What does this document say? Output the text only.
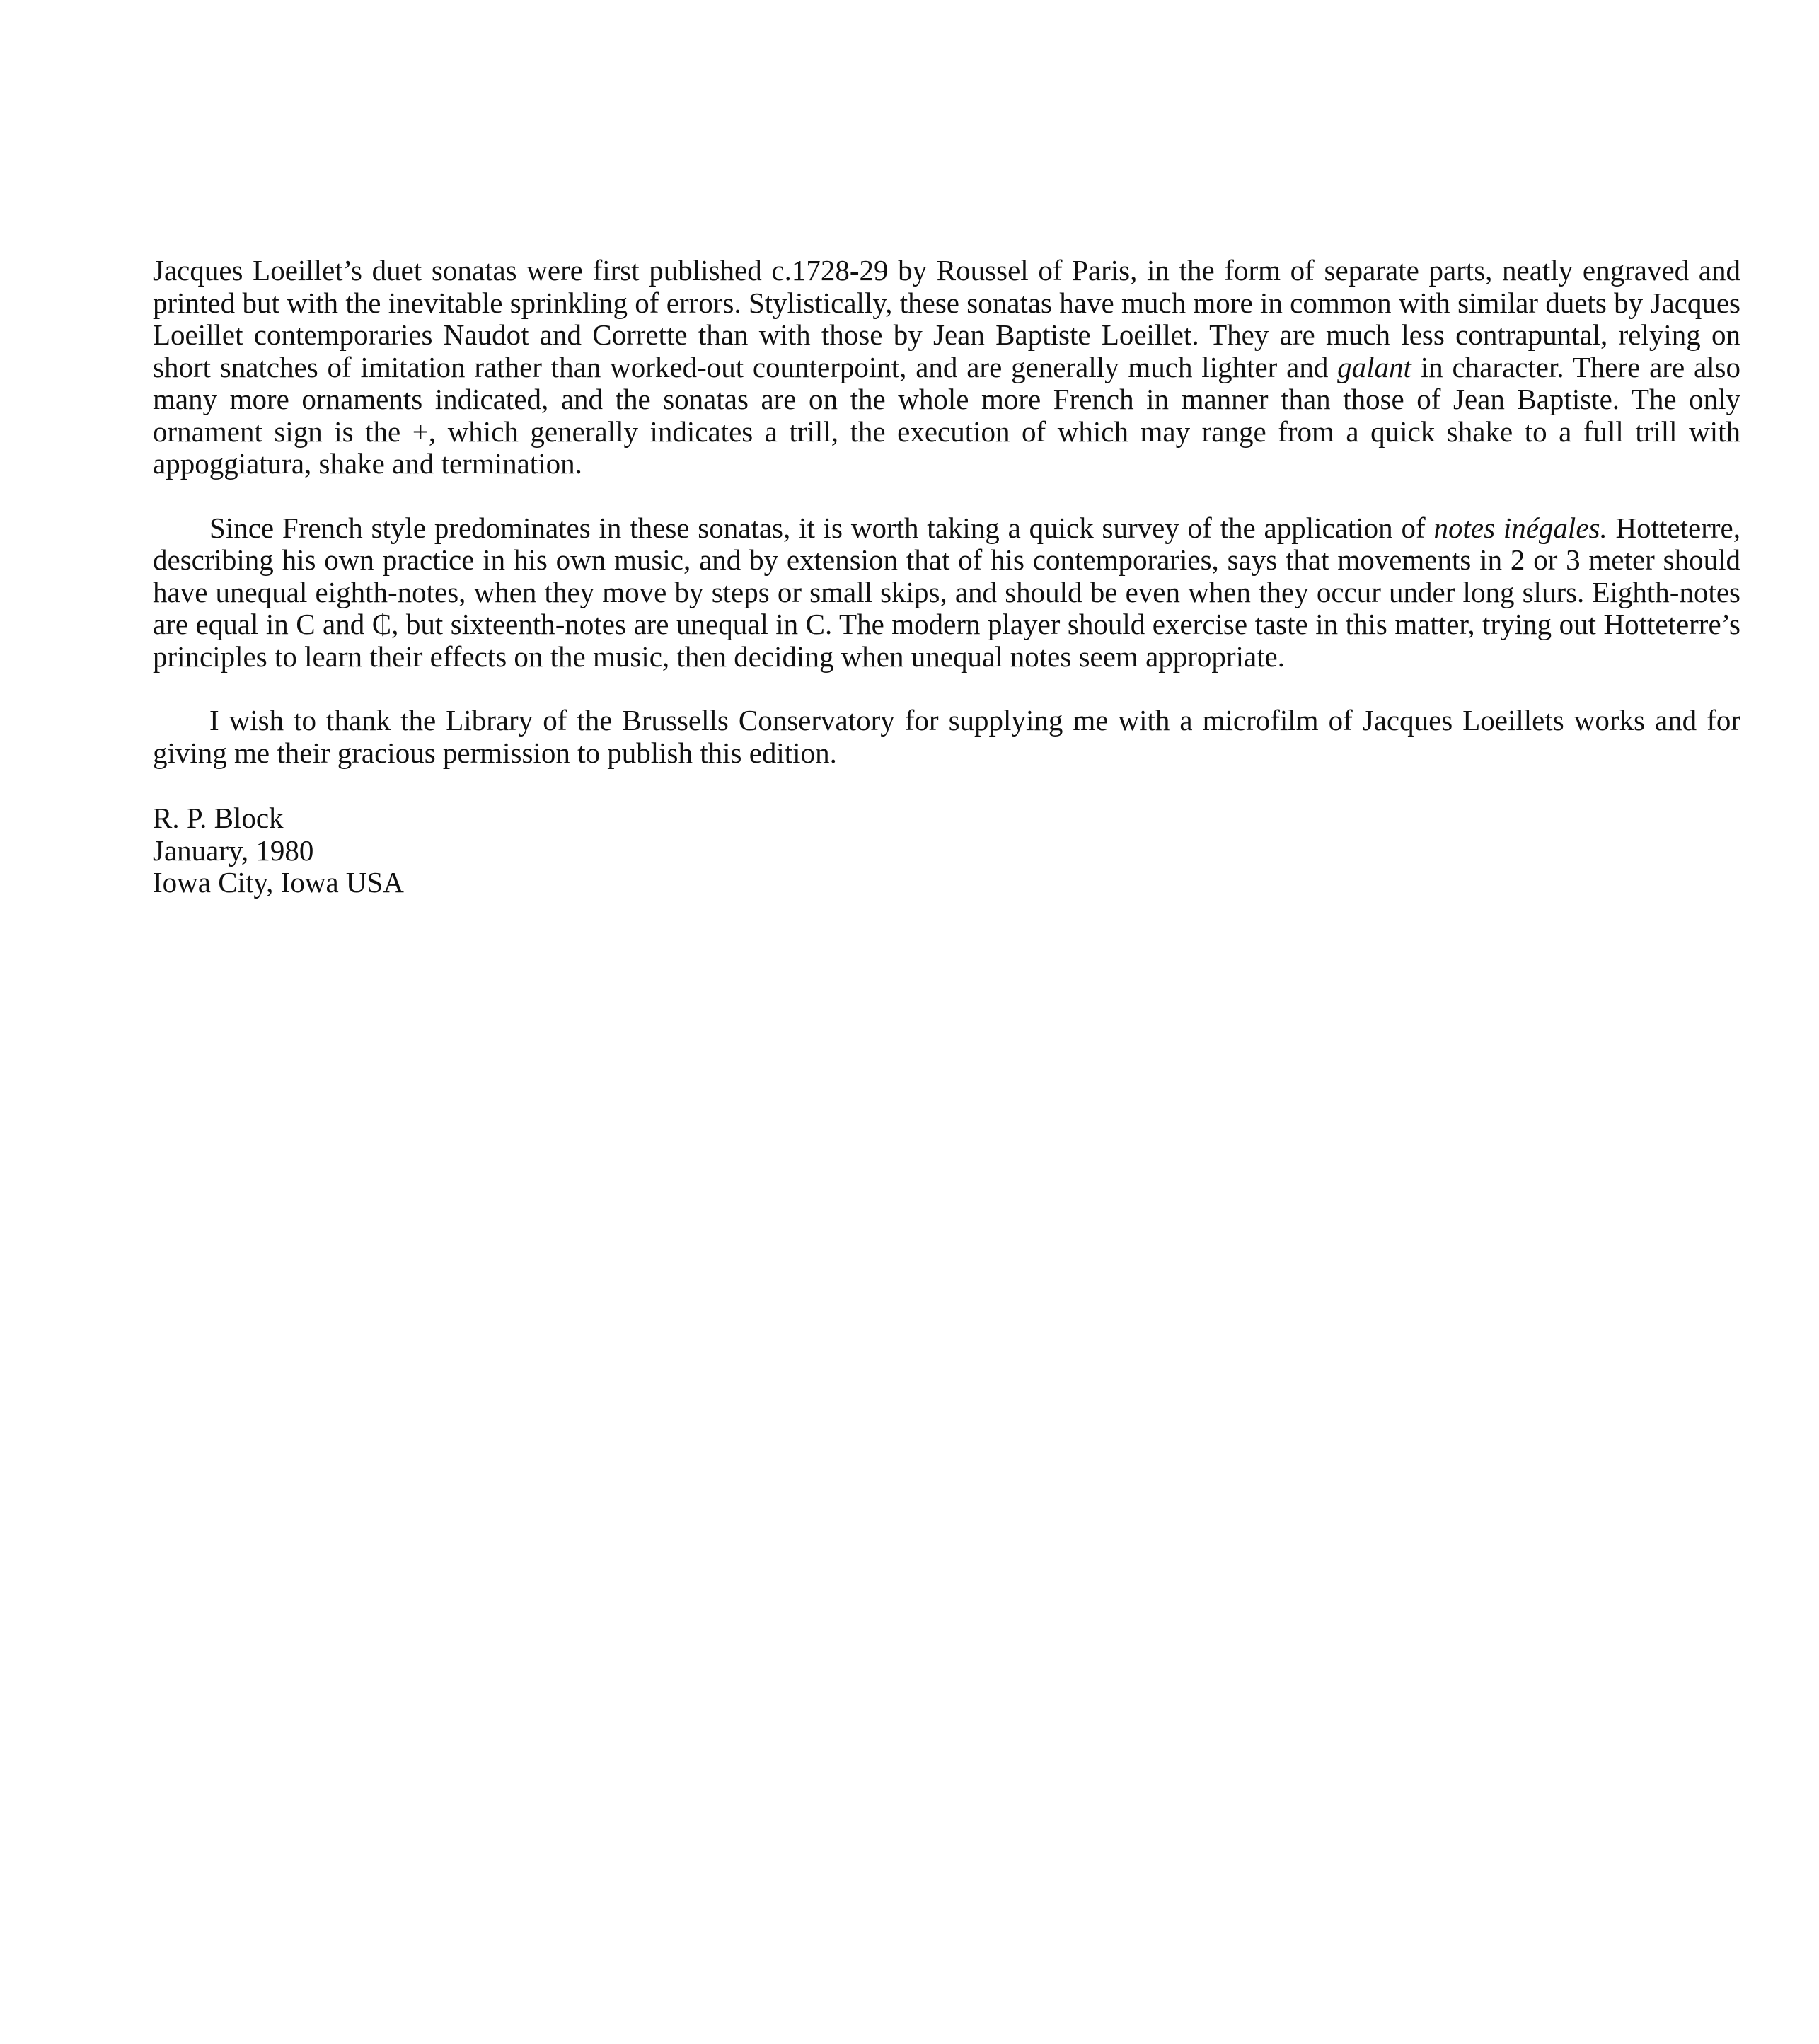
Jacques Loeillet’s duet sonatas were first published c.1728-29 by Roussel of Paris, in the form of separate parts, neatly engraved and printed but with the inevitable sprinkling of errors. Stylistically, these sonatas have much more in common with similar duets by Jacques Loeillet contemporaries Naudot and Corrette than with those by Jean Baptiste Loeillet. They are much less contrapuntal, relying on short snatches of imitation rather than worked-out counterpoint, and are generally much lighter and galant in character. There are also many more ornaments indicated, and the sonatas are on the whole more French in manner than those of Jean Baptiste. The only ornament sign is the +, which generally indicates a trill, the execution of which may range from a quick shake to a full trill with appoggiatura, shake and termination.

Since French style predominates in these sonatas, it is worth taking a quick survey of the application of notes inégales. Hotteterre, describing his own practice in his own music, and by extension that of his contemporaries, says that movements in 2 or 3 meter should have unequal eighth-notes, when they move by steps or small skips, and should be even when they occur under long slurs. Eighth-notes are equal in C and ₵, but sixteenth-notes are unequal in C. The modern player should exercise taste in this matter, trying out Hotteterre’s principles to learn their effects on the music, then deciding when unequal notes seem appropriate.

I wish to thank the Library of the Brussells Conservatory for supplying me with a microfilm of Jacques Loeillets works and for giving me their gracious permission to publish this edition.

R. P. Block
January, 1980
Iowa City, Iowa USA
